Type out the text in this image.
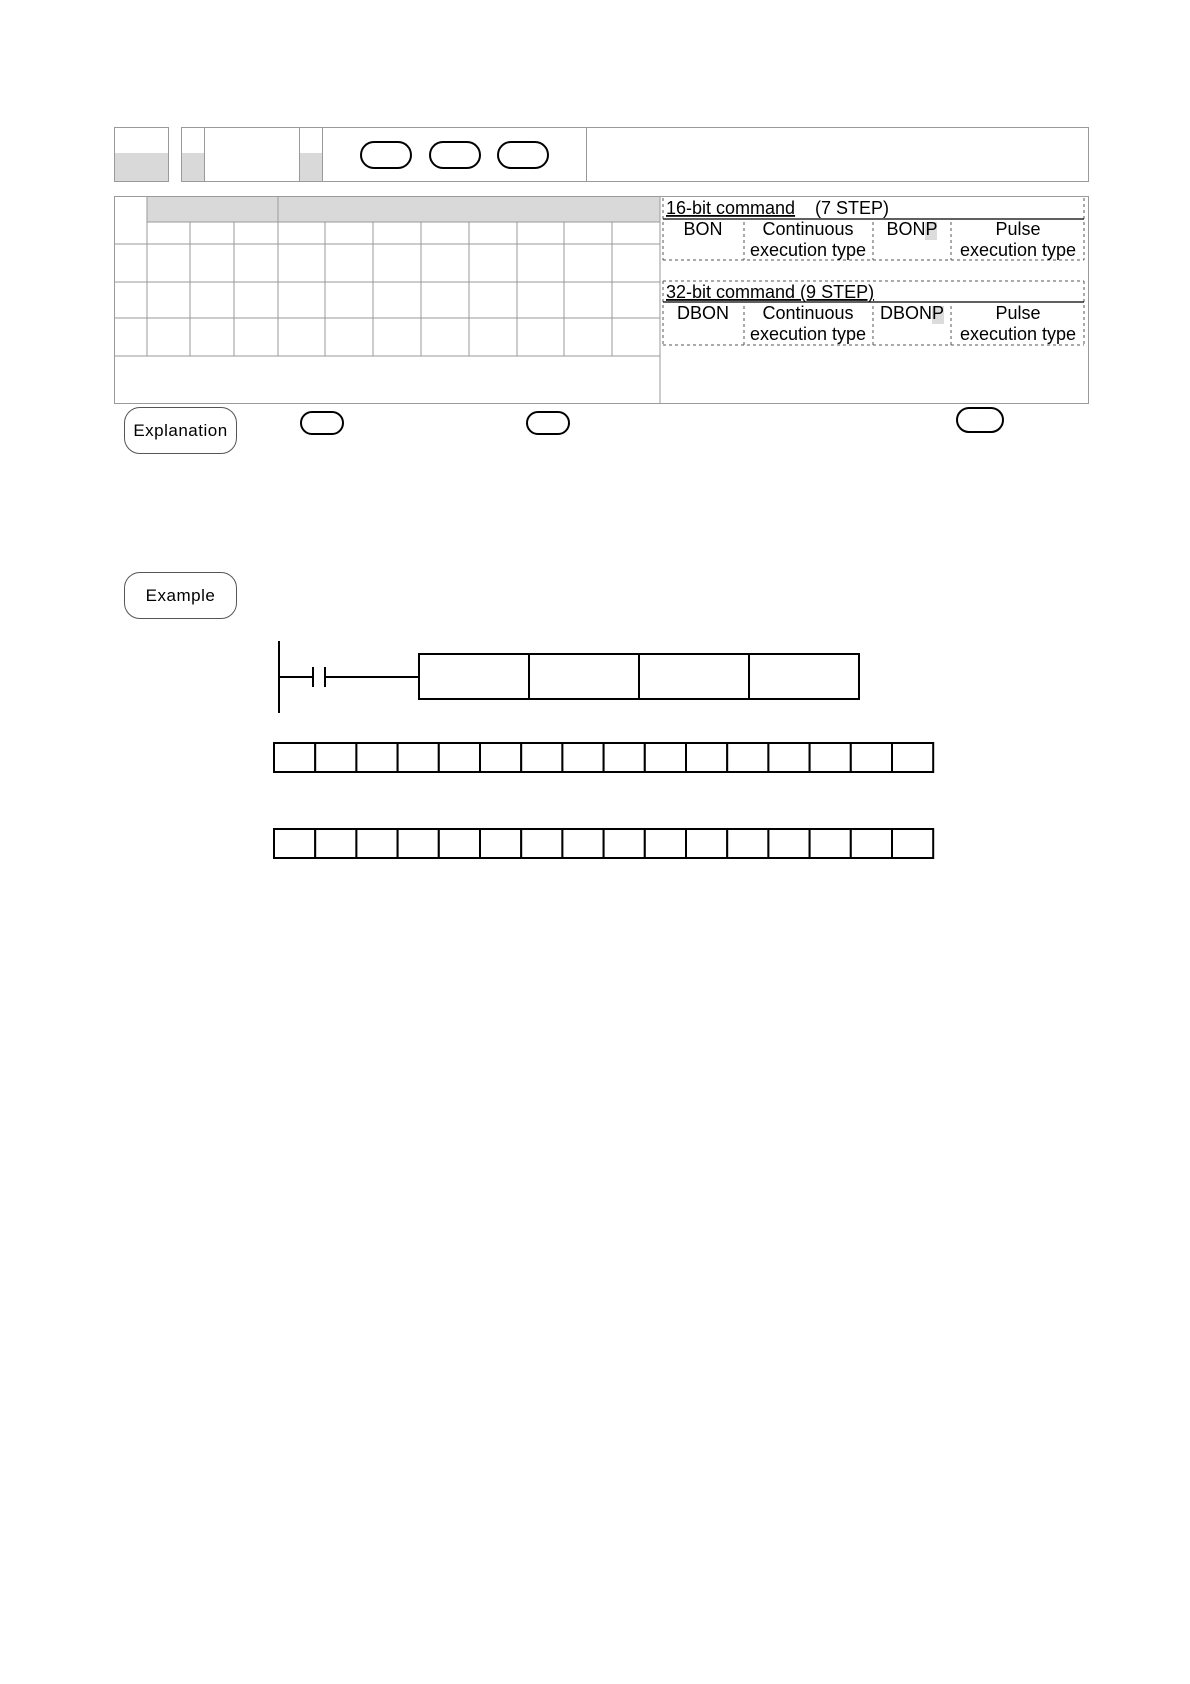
16-bit command (7 STEP)
BON Continuous
execution type
BONP	Pulse
execution type
32-bit command (9 STEP)
DBON Continuous
execution type
DBONP	Pulse
execution type
Explanation
Example
